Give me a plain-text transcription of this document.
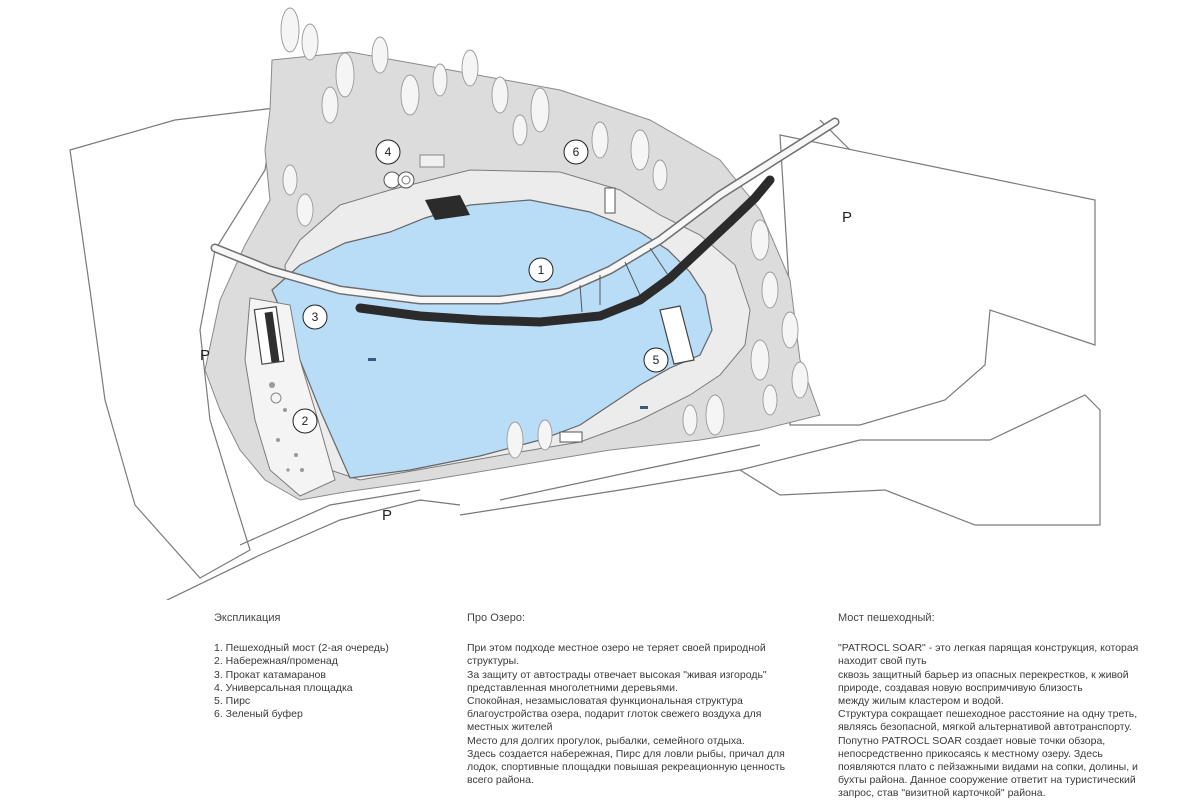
1
2
3
4
5
6
P
P
P
Экспликация

1. Пешеходный мост (2-ая очередь)

2. Набережная/променад

3. Прокат катамаранов

4. Универсальная площадка

5. Пирс

6. Зеленый буфер

Про Озеро:

При этом подходе местное озеро не теряет своей природной

структуры.

За защиту от автострады отвечает высокая "живая изгородь"

представленная многолетними деревьями.

Спокойная, незамысловатая функциональная структура

благоустройства озера, подарит глоток свежего воздуха для

местных жителей

Место для долгих прогулок, рыбалки, семейного отдыха.

Здесь создается набережная, Пирс для ловли рыбы, причал для

лодок, спортивные площадки повышая рекреационную ценность

всего района.

Мост пешеходный:

"PATROCL SOAR" - это легкая парящая конструкция, которая

находит свой путь

сквозь защитный барьер из опасных перекрестков, к живой

природе, создавая новую воспримчивую близость

между жилым кластером и водой.

Структура сокращает пешеходное расстояние на одну треть,

являясь безопасной, мягкой альтернативой автотранспорту.

Попутно PATROCL SOAR создает новые точки обзора,

непосредственно прикосаясь к местному озеру. Здесь

появляются плато с пейзажными видами на сопки, долины, и

бухты района. Данное сооружение ответит на туристический

запрос, став "визитной карточкой" района.
